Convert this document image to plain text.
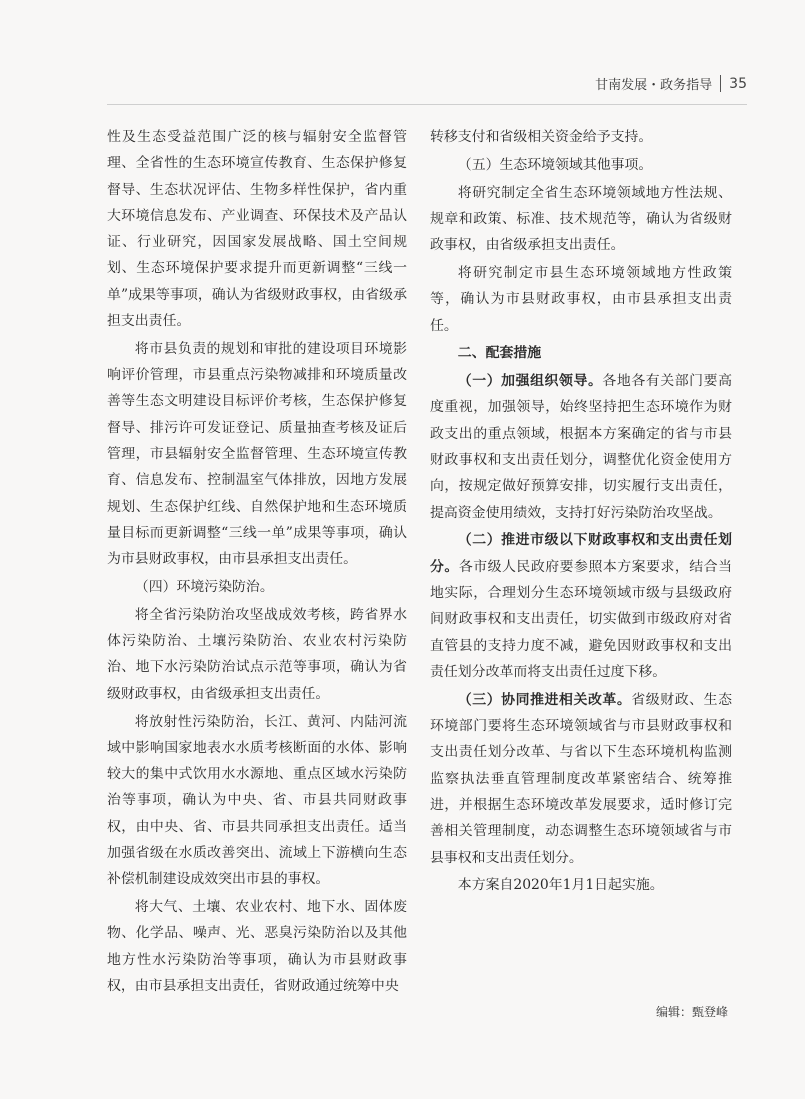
甘南发展・政务指导 35

性及生态受益范围广泛的核与辐射安全监督管理、全省性的生态环境宣传教育、生态保护修复督导、生态状况评估、生物多样性保护，省内重大环境信息发布、产业调查、环保技术及产品认证、行业研究，因国家发展战略、国土空间规划、生态环境保护要求提升而更新调整“三线一单”成果等事项，确认为省级财政事权，由省级承担支出责任。

将市县负责的规划和审批的建设项目环境影响评价管理，市县重点污染物减排和环境质量改善等生态文明建设目标评价考核，生态保护修复督导、排污许可发证登记、质量抽查考核及证后管理，市县辐射安全监督管理、生态环境宣传教育、信息发布、控制温室气体排放，因地方发展规划、生态保护红线、自然保护地和生态环境质量目标而更新调整“三线一单”成果等事项，确认为市县财政事权，由市县承担支出责任。

（四）环境污染防治。

将全省污染防治攻坚战成效考核，跨省界水体污染防治、土壤污染防治、农业农村污染防治、地下水污染防治试点示范等事项，确认为省级财政事权，由省级承担支出责任。

将放射性污染防治，长江、黄河、内陆河流域中影响国家地表水水质考核断面的水体、影响较大的集中式饮用水水源地、重点区域水污染防治等事项，确认为中央、省、市县共同财政事权，由中央、省、市县共同承担支出责任。适当加强省级在水质改善突出、流域上下游横向生态补偿机制建设成效突出市县的事权。

将大气、土壤、农业农村、地下水、固体废物、化学品、噪声、光、恶臭污染防治以及其他地方性水污染防治等事项，确认为市县财政事权，由市县承担支出责任，省财政通过统筹中央

转移支付和省级相关资金给予支持。

（五）生态环境领域其他事项。

将研究制定全省生态环境领域地方性法规、规章和政策、标准、技术规范等，确认为省级财政事权，由省级承担支出责任。

将研究制定市县生态环境领域地方性政策等，确认为市县财政事权，由市县承担支出责任。

二、配套措施

（一）加强组织领导。各地各有关部门要高度重视，加强领导，始终坚持把生态环境作为财政支出的重点领域，根据本方案确定的省与市县财政事权和支出责任划分，调整优化资金使用方向，按规定做好预算安排，切实履行支出责任，提高资金使用绩效，支持打好污染防治攻坚战。

（二）推进市级以下财政事权和支出责任划分。各市级人民政府要参照本方案要求，结合当地实际，合理划分生态环境领域市级与县级政府间财政事权和支出责任，切实做到市级政府对省直管县的支持力度不减，避免因财政事权和支出责任划分改革而将支出责任过度下移。

（三）协同推进相关改革。省级财政、生态环境部门要将生态环境领域省与市县财政事权和支出责任划分改革、与省以下生态环境机构监测监察执法垂直管理制度改革紧密结合、统筹推进，并根据生态环境改革发展要求，适时修订完善相关管理制度，动态调整生态环境领域省与市县事权和支出责任划分。

本方案自2020年1月1日起实施。

编辑：甄登峰
